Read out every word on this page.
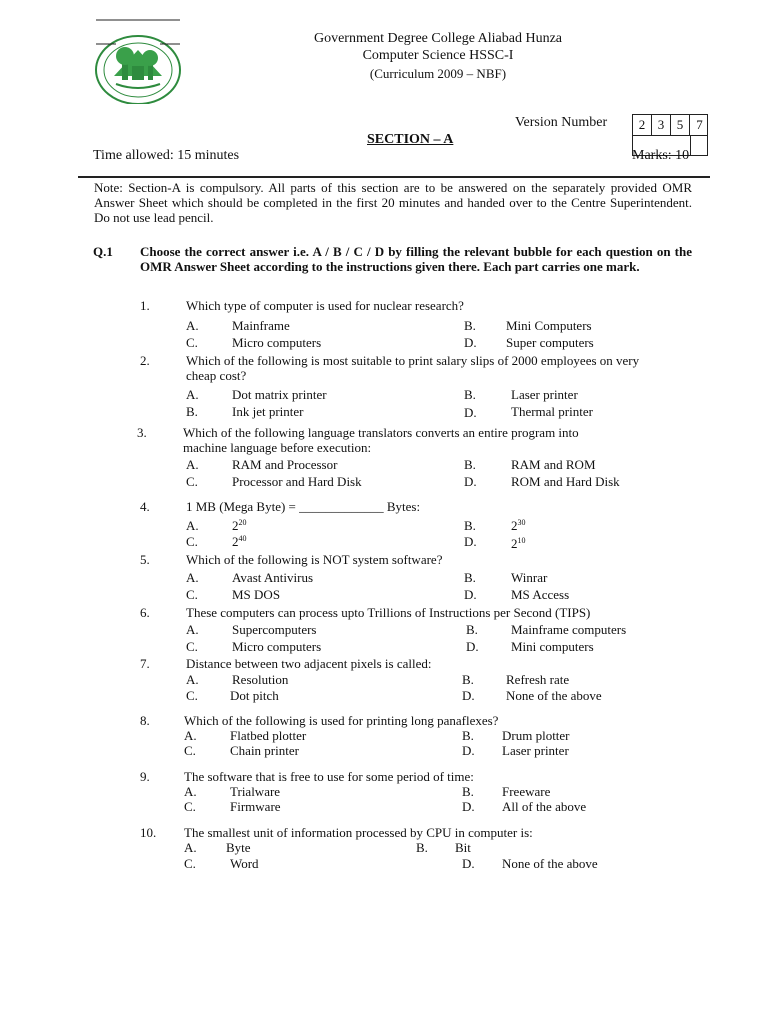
Government Degree College Aliabad Hunza
Computer Science HSSC-I
(Curriculum 2009 – NBF)
Version Number	2 3 5	7
SECTION – A
Time allowed: 15 minutes	Marks: 10
Note: Section-A is compulsory. All parts of this section are to be answered on the separately provided OMR Answer Sheet which should be completed in the first 20 minutes and handed over to the Centre Superintendent. Do not use lead pencil.
Q.1 Choose the correct answer i.e. A / B / C / D by filling the relevant bubble for each question on the OMR Answer Sheet according to the instructions given there. Each part carries one mark.
1.	Which type of computer is used for nuclear research?
A.	Mainframe	B. Mini Computers
C.	Micro computers	D. Super computers
2.	Which of the following is most suitable to print salary slips of 2000 employees on very
cheap cost?
A.	Dot matrix printer	B.	Laser printer
B.	Ink jet printer	D.	Thermal printer
3.	Which of the following language translators converts an entire program into
machine language before execution:
A.	RAM and Processor	B.	RAM and ROM
C.	Processor and Hard Disk	D.	ROM and Hard Disk
4.	1 MB (Mega Byte) = _____________ Bytes:
A.	$2^{20}$	B.	$2^{30}$
C.	$2^{40}$	D.	$2^{10}$
5.	Which of the following is NOT system software?
A.	Avast Antivirus	B.	Winrar
C.	MS DOS	D.	MS Access
6.	These computers can process upto Trillions of Instructions per Second (TIPS)
A.	Supercomputers	B.	Mainframe computers
C.	Micro computers	D. Mini computers
7.	Distance between two adjacent pixels is called:
A.	Resolution	B. Refresh rate
C. Dot pitch	D. None of the above
8.	Which of the following is used for printing long panaflexes?
A.	Flatbed plotter	B. Drum plotter
C.	Chain printer	D. Laser printer
9.	The software that is free to use for some period of time:
A.	Trialware	B. Freeware
C.	Firmware	D. All of the above
10. The smallest unit of information processed by CPU in computer is:
A. Byte	B. Bit
C.	Word	D. None of the above
